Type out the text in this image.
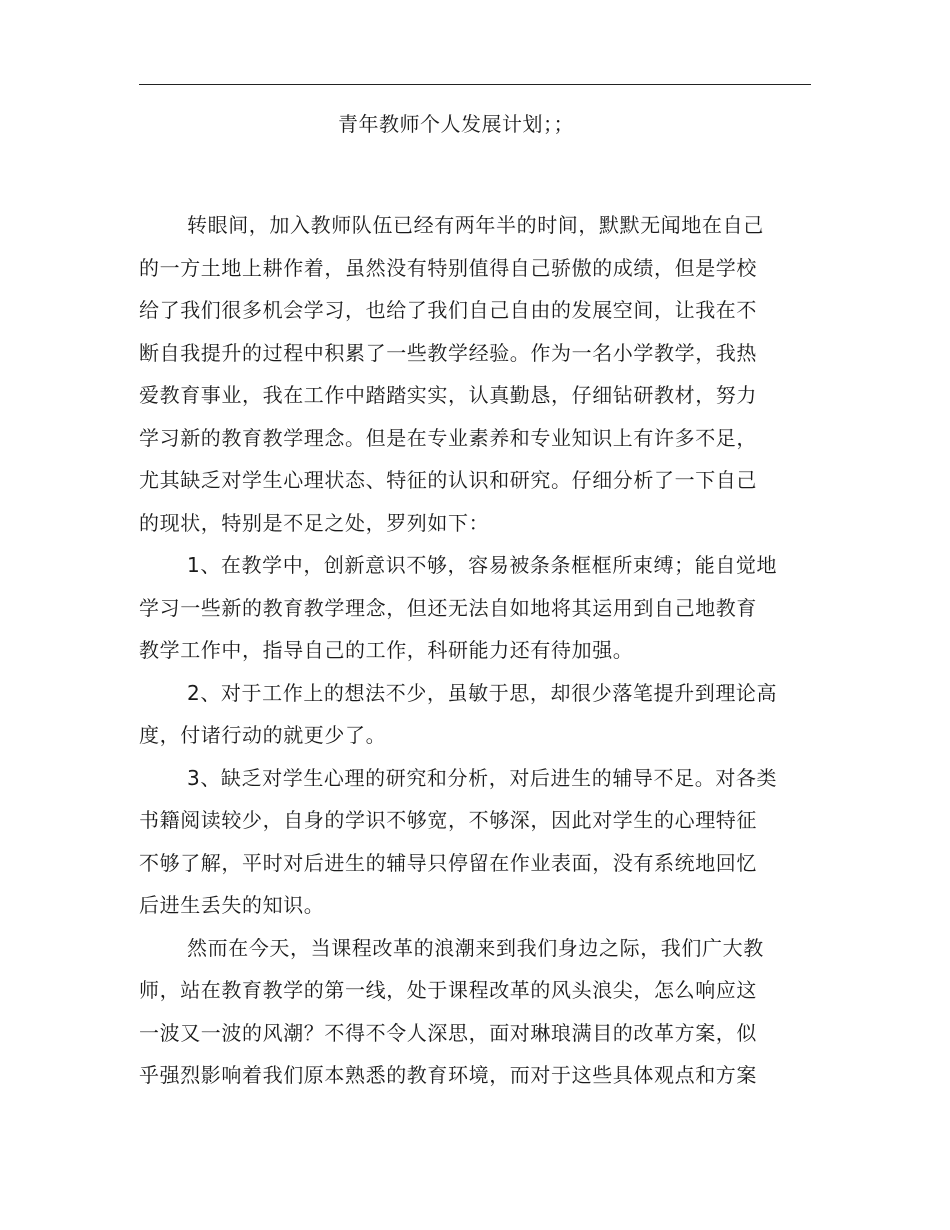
青年教师个人发展计划；；
转眼间，加入教师队伍已经有两年半的时间，默默无闻地在自己
的一方土地上耕作着，虽然没有特别值得自己骄傲的成绩，但是学校
给了我们很多机会学习，也给了我们自己自由的发展空间，让我在不
断自我提升的过程中积累了一些教学经验。作为一名小学教学，我热
爱教育事业，我在工作中踏踏实实，认真勤恳，仔细钻研教材，努力
学习新的教育教学理念。但是在专业素养和专业知识上有许多不足，
尤其缺乏对学生心理状态、特征的认识和研究。仔细分析了一下自己
的现状，特别是不足之处，罗列如下：
1、在教学中，创新意识不够，容易被条条框框所束缚；能自觉地
学习一些新的教育教学理念，但还无法自如地将其运用到自己地教育
教学工作中，指导自己的工作，科研能力还有待加强。
2、对于工作上的想法不少，虽敏于思，却很少落笔提升到理论高
度，付诸行动的就更少了。
3、缺乏对学生心理的研究和分析，对后进生的辅导不足。对各类
书籍阅读较少，自身的学识不够宽，不够深，因此对学生的心理特征
不够了解，平时对后进生的辅导只停留在作业表面，没有系统地回忆
后进生丢失的知识。
然而在今天，当课程改革的浪潮来到我们身边之际，我们广大教
师，站在教育教学的第一线，处于课程改革的风头浪尖，怎么响应这
一波又一波的风潮？不得不令人深思，面对琳琅满目的改革方案，似
乎强烈影响着我们原本熟悉的教育环境，而对于这些具体观点和方案
